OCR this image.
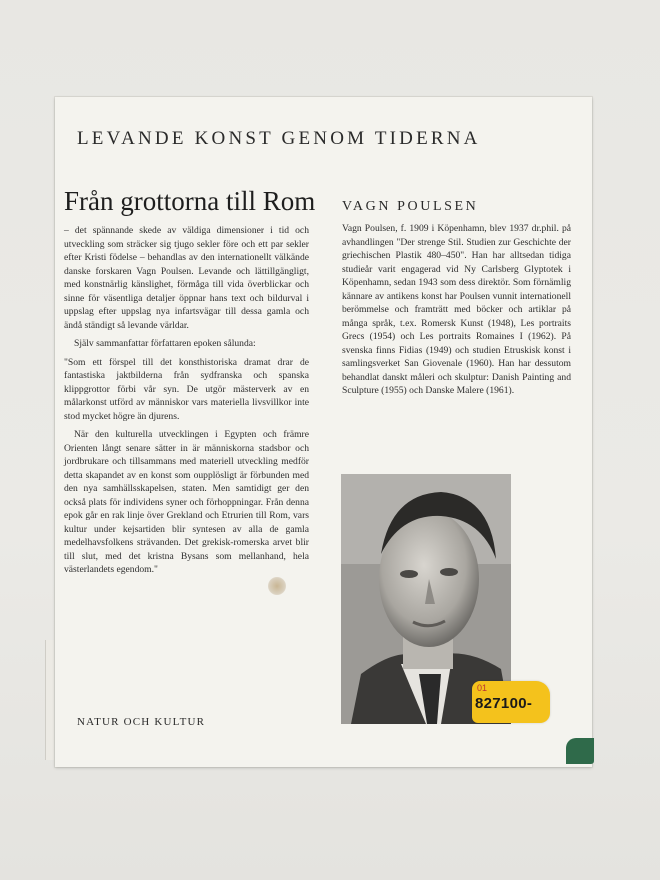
LEVANDE KONST GENOM TIDERNA
Från grottorna till Rom VAGN POULSEN

– det spännande skede av väldiga dimensioner i tid och utveckling som sträcker sig tjugo sekler före och ett par sekler efter Kristi födelse – behandlas av den internationellt välkände danske forskaren Vagn Poulsen. Levande och lättillgängligt, med konstnärlig känslighet, förmåga till vida överblickar och sinne för väsentliga detaljer öppnar hans text och bildurval i uppslag efter uppslag nya infartsvägar till dessa gamla och ändå ständigt så levande världar.

Själv sammanfattar författaren epoken sålunda:

"Som ett förspel till det konsthistoriska dramat drar de fantastiska jaktbilderna från sydfranska och spanska klippgrottor förbi vår syn. De utgör mästerverk av en målarkonst utförd av människor vars materiella livsvillkor inte stod mycket högre än djurens.

När den kulturella utvecklingen i Egypten och främre Orienten långt senare sätter in är människorna stadsbor och jordbrukare och tillsammans med materiell utveckling medför detta skapandet av en konst som oupplösligt är förbunden med den nya samhällsskapelsen, staten. Men samtidigt ger den också plats för individens syner och förhoppningar. Från denna epok går en rak linje över Grekland och Etrurien till Rom, vars kultur under kejsartiden blir syntesen av alla de gamla medelhavsfolkens strävanden. Det grekisk-romerska arvet blir till slut, med det kristna Bysans som mellanhand, hela västerlandets egendom."

Vagn Poulsen, f. 1909 i Köpenhamn, blev 1937 dr.phil. på avhandlingen "Der strenge Stil. Studien zur Geschichte der griechischen Plastik 480–450". Han har alltsedan tidiga studieår varit engagerad vid Ny Carlsberg Glyptotek i Köpenhamn, sedan 1943 som dess direktör. Som förnämlig kännare av antikens konst har Poulsen vunnit internationell berömmelse och framträtt med böcker och artiklar på många språk, t.ex. Romersk Kunst (1948), Les portraits Grecs (1954) och Les portraits Romaines I (1962). På svenska finns Fidias (1949) och studien Etruskisk konst i samlingsverket San Giovenale (1960). Han har dessutom behandlat danskt måleri och skulptur: Danish Painting and Sculpture (1955) och Danske Malere (1961).

01
827100-
NATUR OCH KULTUR
